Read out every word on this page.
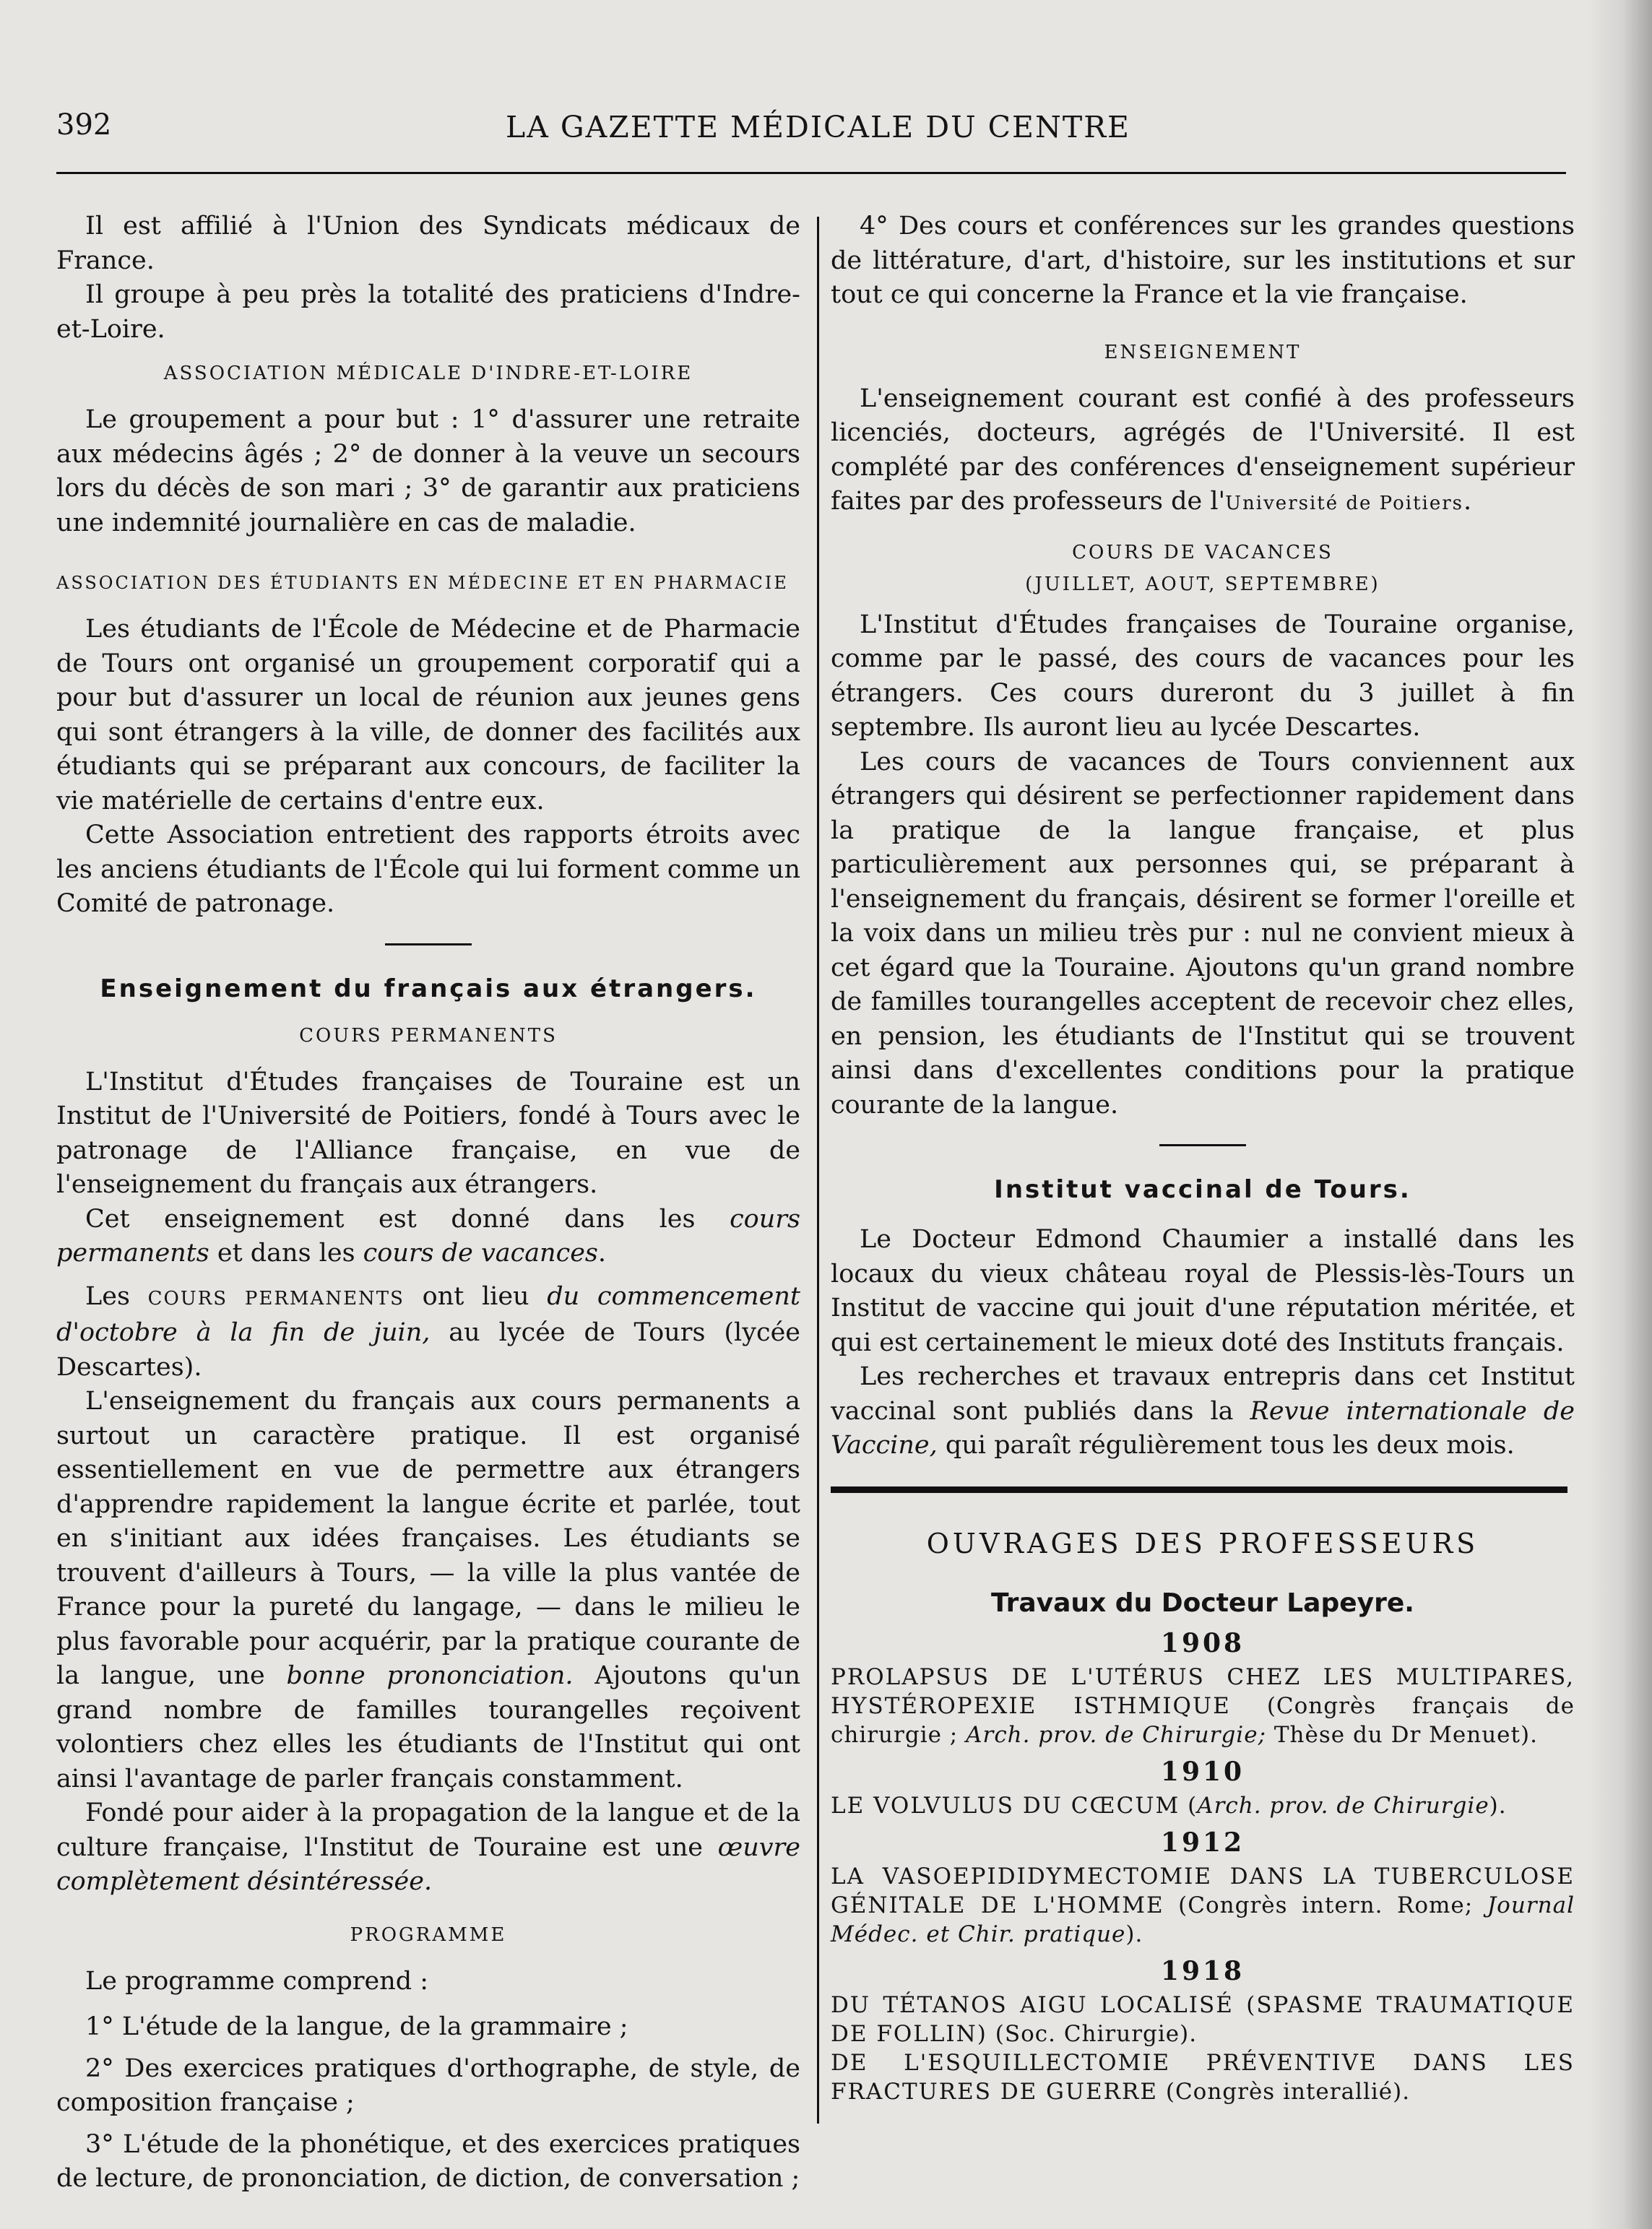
392	LA GAZETTE MÉDICALE DU CENTRE

Il est affilié à l'Union des Syndicats médicaux de France.

Il groupe à peu près la totalité des praticiens d'Indre-et-Loire.

ASSOCIATION MÉDICALE D'INDRE-ET-LOIRE

Le groupement a pour but : 1° d'assurer une retraite aux médecins âgés ; 2° de donner à la veuve un secours lors du décès de son mari ; 3° de garantir aux praticiens une indemnité journalière en cas de maladie.

ASSOCIATION DES ÉTUDIANTS EN MÉDECINE ET EN PHARMACIE

Les étudiants de l'École de Médecine et de Pharmacie de Tours ont organisé un groupement corporatif qui a pour but d'assurer un local de réunion aux jeunes gens qui sont étrangers à la ville, de donner des facilités aux étudiants qui se préparant aux concours, de faciliter la vie matérielle de certains d'entre eux.

Cette Association entretient des rapports étroits avec les anciens étudiants de l'École qui lui forment comme un Comité de patronage.

Enseignement du français aux étrangers.
COURS PERMANENTS

L'Institut d'Études françaises de Touraine est un Institut de l'Université de Poitiers, fondé à Tours avec le patronage de l'Alliance française, en vue de l'enseignement du français aux étrangers.

Cet enseignement est donné dans les cours permanents et dans les cours de vacances.

Les COURS PERMANENTS ont lieu du commencement d'octobre à la fin de juin, au lycée de Tours (lycée Descartes).

L'enseignement du français aux cours permanents a surtout un caractère pratique. Il est organisé essentiellement en vue de permettre aux étrangers d'apprendre rapidement la langue écrite et parlée, tout en s'initiant aux idées françaises. Les étudiants se trouvent d'ailleurs à Tours, — la ville la plus vantée de France pour la pureté du langage, — dans le milieu le plus favorable pour acquérir, par la pratique courante de la langue, une bonne prononciation. Ajoutons qu'un grand nombre de familles tourangelles reçoivent volontiers chez elles les étudiants de l'Institut qui ont ainsi l'avantage de parler français constamment.

Fondé pour aider à la propagation de la langue et de la culture française, l'Institut de Touraine est une œuvre complètement désintéressée.

PROGRAMME

Le programme comprend :

1° L'étude de la langue, de la grammaire ;

2° Des exercices pratiques d'orthographe, de style, de composition française ;

3° L'étude de la phonétique, et des exercices pratiques de lecture, de prononciation, de diction, de conversation ;

4° Des cours et conférences sur les grandes questions de littérature, d'art, d'histoire, sur les institutions et sur tout ce qui concerne la France et la vie française.

ENSEIGNEMENT

L'enseignement courant est confié à des professeurs licenciés, docteurs, agrégés de l'Université. Il est complété par des conférences d'enseignement supérieur faites par des professeurs de l'Université de Poitiers.

COURS DE VACANCES
(JUILLET, AOUT, SEPTEMBRE)

L'Institut d'Études françaises de Touraine organise, comme par le passé, des cours de vacances pour les étrangers. Ces cours dureront du 3 juillet à fin septembre. Ils auront lieu au lycée Descartes.

Les cours de vacances de Tours conviennent aux étrangers qui désirent se perfectionner rapidement dans la pratique de la langue française, et plus particulièrement aux personnes qui, se préparant à l'enseignement du français, désirent se former l'oreille et la voix dans un milieu très pur : nul ne convient mieux à cet égard que la Touraine. Ajoutons qu'un grand nombre de familles tourangelles acceptent de recevoir chez elles, en pension, les étudiants de l'Institut qui se trouvent ainsi dans d'excellentes conditions pour la pratique courante de la langue.

Institut vaccinal de Tours.

Le Docteur Edmond Chaumier a installé dans les locaux du vieux château royal de Plessis-lès-Tours un Institut de vaccine qui jouit d'une réputation méritée, et qui est certainement le mieux doté des Instituts français.

Les recherches et travaux entrepris dans cet Institut vaccinal sont publiés dans la Revue internationale de Vaccine, qui paraît régulièrement tous les deux mois.

OUVRAGES DES PROFESSEURS
Travaux du Docteur Lapeyre.
1908
PROLAPSUS DE L'UTÉRUS CHEZ LES MULTIPARES, HYSTÉROPEXIE ISTHMIQUE (Congrès français de chirurgie ; Arch. prov. de Chirurgie; Thèse du Dr Menuet).
1910
LE VOLVULUS DU CŒCUM (Arch. prov. de Chirurgie).
1912
LA VASOEPIDIDYMECTOMIE DANS LA TUBERCULOSE GÉNITALE DE L'HOMME (Congrès intern. Rome; Journal Médec. et Chir. pratique).
1918
DU TÉTANOS AIGU LOCALISÉ (SPASME TRAUMATIQUE DE FOLLIN) (Soc. Chirurgie).
DE L'ESQUILLECTOMIE PRÉVENTIVE DANS LES FRACTURES DE GUERRE (Congrès interallié).
